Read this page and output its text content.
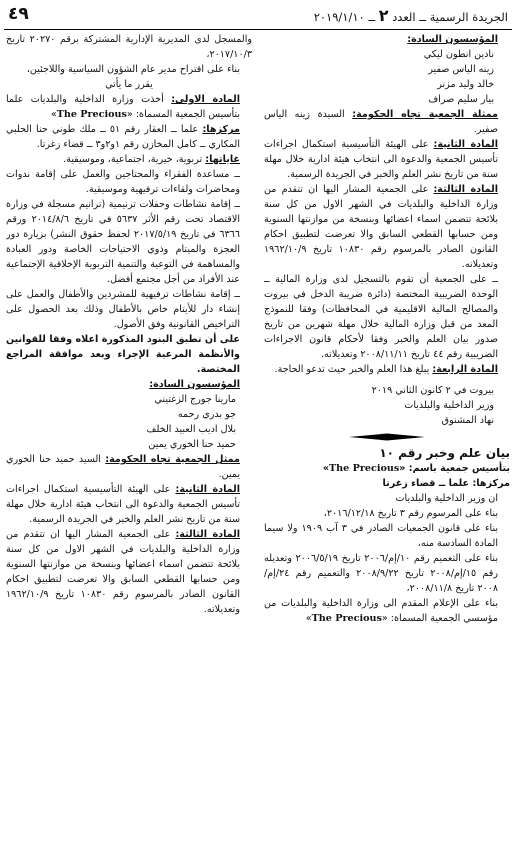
٤٩	الجريدة الرسمية ــ العدد ٢ ــ ٢٠١٩/١/١٠

المؤسسون السادة:

نادين انطون ليكي

زينه الياس صفير

خالد وليد مزنر

بيار سليم صراف

ممثلة الجمعية تجاه الحكومة: السيدة زينه الياس صفير.

المادة الثانية: على الهيئة التأسيسية استكمال اجراءات تأسيس الجمعية والدعوة الى انتخاب هيئة ادارية خلال مهلة سنة من تاريخ نشر العلم والخبر في الجريدة الرسمية.

المادة الثالثة: على الجمعية المشار اليها ان تتقدم من وزارة الداخلية والبلديات في الشهر الاول من كل سنة بلائحة تتضمن اسماء اعضائها وبنسخة من موازنتها السنوية ومن حسابها القطعي السابق والا تعرضت لتطبيق احكام القانون الصادر بالمرسوم رقم ١٠٨٣٠ تاريخ ١٩٦٢/١٠/٩ وتعديلاته.

ــ على الجمعية أن تقوم بالتسجيل لدى وزارة المالية ــ الوحدة الضريبية المختصة (دائرة ضريبة الدخل في بيروت والمصالح المالية الاقليمية في المحافظات) وفقا للنموذج المعد من قبل وزارة المالية خلال مهلة شهرين من تاريخ صدور بيان العلم والخبر وفقا لأحكام قانون الاجراءات الضريبية رقم ٤٤ تاريخ ٢٠٠٨/١١/١١ وتعديلاته.

المادة الرابعة: يبلغ هذا العلم والخبر حيث تدعو الحاجة.

بيروت في ٢ كانون الثاني ٢٠١٩

وزير الداخلية والبلديات

نهاد المشنوق

بيان علم وخبر رقم ١٠

بتأسيس جمعية باسم: «The Precious»

مركزها: علما ــ قضاء زغرتا

ان وزير الداخلية والبلديات

بناء على المرسوم رقم ٣ تاريخ ٢٠١٦/١٢/١٨،

بناء على قانون الجمعيات الصادر في ٣ آب ١٩٠٩ ولا سيما المادة السادسة منه،

بناء على التعميم رقم ١٠/إم/٢٠٠٦ تاريخ ٢٠٠٦/٥/١٩ وتعديله رقم ١٥/إم/٢٠٠٨ تاريخ ٢٠٠٨/٩/٢٢ والتعميم رقم ٢٤/إم/٢٠٠٨ تاريخ ٢٠٠٨/١١/٨،

بناء على الإعلام المقدم الى وزارة الداخلية والبلديات من مؤسسي الجمعية المسماة: «The Precious»

والمسجل لدى المديرية الإدارية المشتركة برقم ٢٠٢٧٠ تاريخ ٢٠١٧/١٠/٣،

بناء على اقتراح مدير عام الشؤون السياسية واللاجئين،

يقرر ما يأتي

المادة الاولى: أخذت وزارة الداخلية والبلديات علما بتأسيس الجمعية المسماة: «The Precious»

مركزها: علما ــ العقار رقم ٥١ ــ ملك طوني حنا الحلبي المكاري ــ كامل المخازن رقم ١و٢و٣ ــ قضاء زغرتا.

غاياتها: تربوية، خيرية، اجتماعية، وموسيقية.

ــ مساعدة الفقراء والمحتاجين والعمل على إقامة ندوات ومحاضرات ولقاءات ترفيهية وموسيقية.

ــ إقامة نشاطات وحفلات ترنيمية (ترانيم مسجلة في وزارة الاقتصاد تحت رقم الأثر ٥٦٣٧ في تاريخ ٢٠١٤/٨/٦ ورقم ٦٣٦٦ في تاريخ ٢٠١٧/٥/١٩ لحفظ حقوق النشر) بزيارة دور العجزة والميتام وذوي الاحتياجات الخاصة ودور العبادة والمساهمة في التوعية والتنمية التربوية الإخلاقية الإجتماعية عند الأفراد من أجل مجتمع أفضل.

ــ إقامة نشاطات ترفيهية للمشردين والأطفال والعمل على إنشاء دار للأيتام خاص بالأطفال وذلك بعد الحصول على التراخيص القانونية وفق الأصول.

على أن تطبق البنود المذكورة اعلاه وفقا للقوانين والأنظمة المرعية الإجراء وبعد موافقة المراجع المختصة.

المؤسسون السادة:

مارينا جورج الزغتيني

جو بدري رحمه

بلال اديب العبيد الخلف

حميد حنا الخوري يمين

ممثل الجمعية تجاه الحكومة: السيد حميد حنا الخوري يمين.

المادة الثانية: على الهيئة التأسيسية استكمال اجراءات تأسيس الجمعية والدعوة الى انتخاب هيئة ادارية خلال مهلة سنة من تاريخ نشر العلم والخبر في الجريدة الرسمية.

المادة الثالثة: على الجمعية المشار اليها ان تتقدم من وزارة الداخلية والبلديات في الشهر الاول من كل سنة بلائحة تتضمن اسماء اعضائها وبنسخة من موازنتها السنوية ومن حسابها القطعي السابق والا تعرضت لتطبيق احكام القانون الصادر بالمرسوم رقم ١٠٨٣٠ تاريخ ١٩٦٢/١٠/٩ وتعديلاته.
